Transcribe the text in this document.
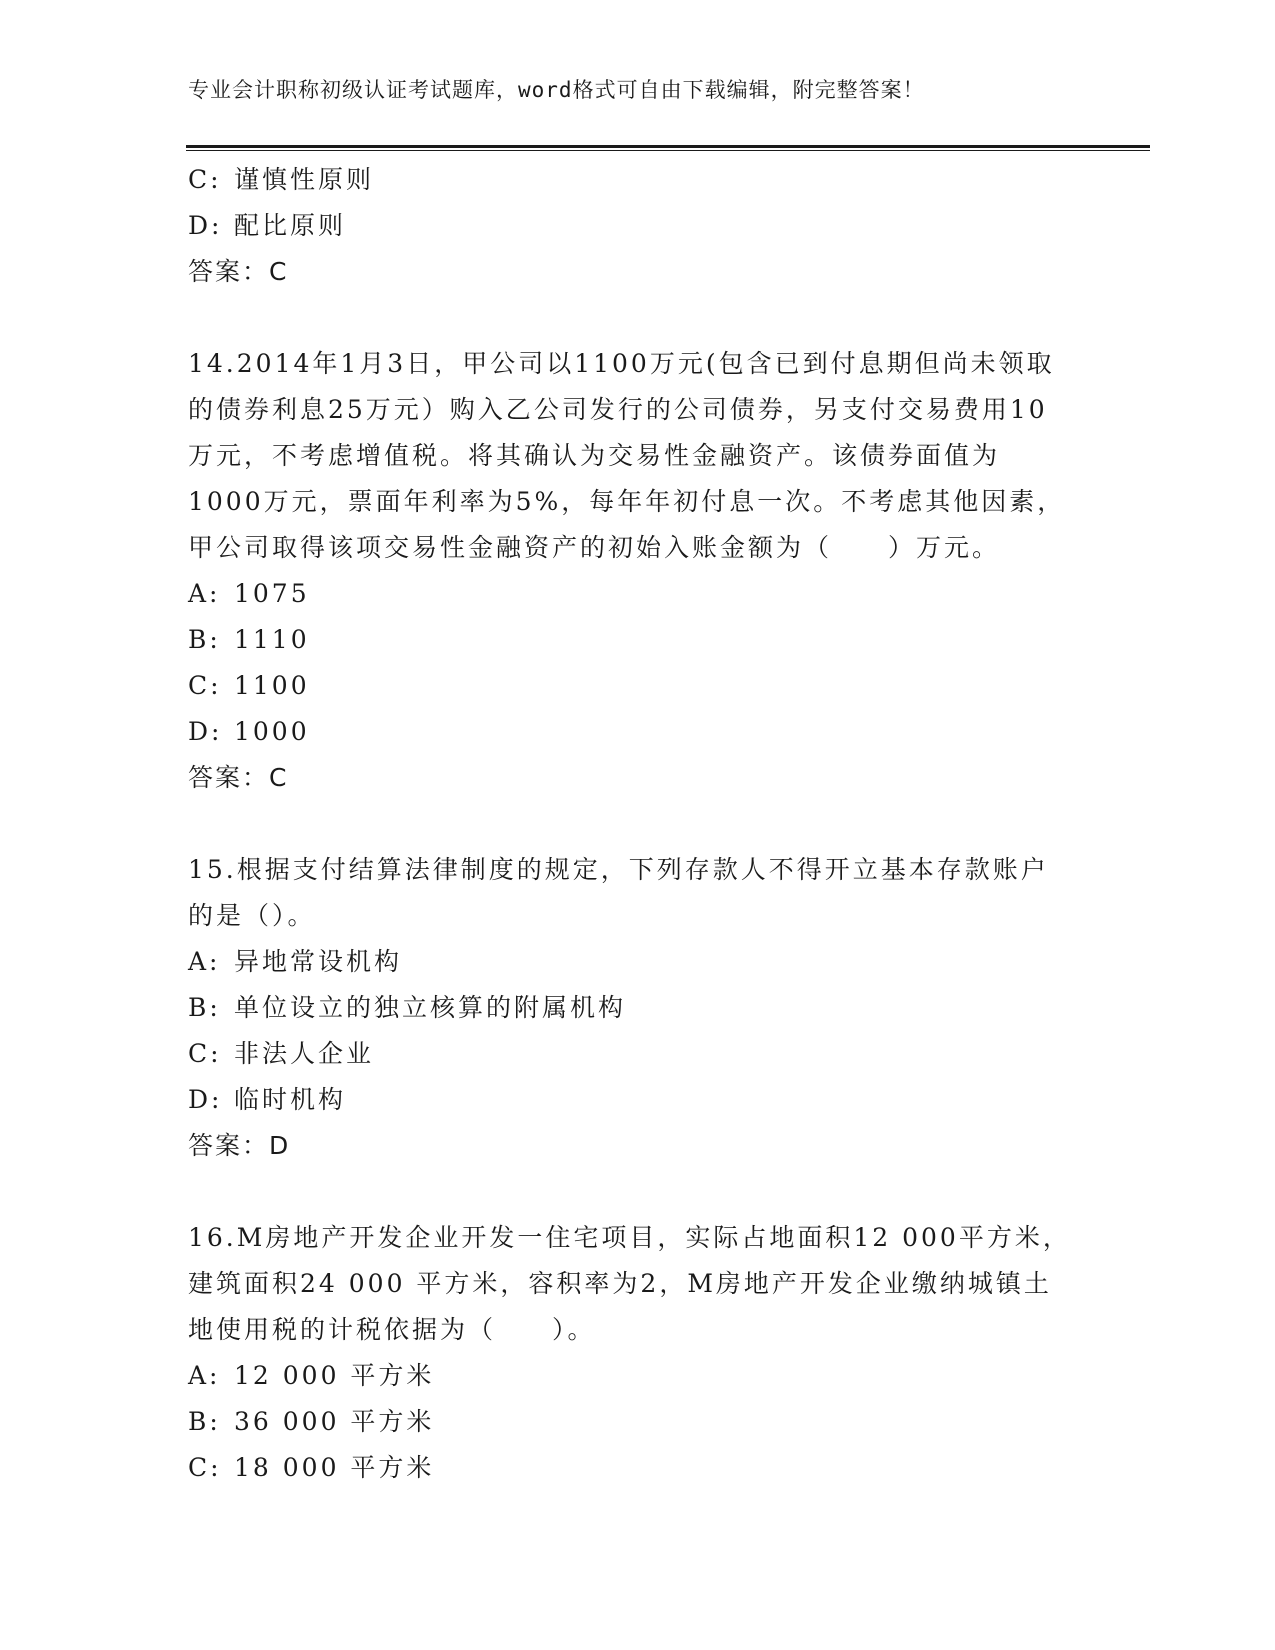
专业会计职称初级认证考试题库，word格式可自由下载编辑，附完整答案！
C: 谨慎性原则
D: 配比原则
答案：C
14.2014年1月3日，甲公司以1100万元(包含已到付息期但尚未领取
的债券利息25万元）购入乙公司发行的公司债券，另支付交易费用10
万元，不考虑增值税。将其确认为交易性金融资产。该债券面值为
1000万元，票面年利率为5%，每年年初付息一次。不考虑其他因素，
甲公司取得该项交易性金融资产的初始入账金额为（　　）万元。
A: 1075
B: 1110
C: 1100
D: 1000
答案：C
15.根据支付结算法律制度的规定，下列存款人不得开立基本存款账户
的是（）。
A: 异地常设机构
B: 单位设立的独立核算的附属机构
C: 非法人企业
D: 临时机构
答案：D
16.M房地产开发企业开发一住宅项目，实际占地面积12 000平方米，
建筑面积24 000 平方米，容积率为2，M房地产开发企业缴纳城镇土
地使用税的计税依据为（　　）。
A: 12 000 平方米
B: 36 000 平方米
C: 18 000 平方米
